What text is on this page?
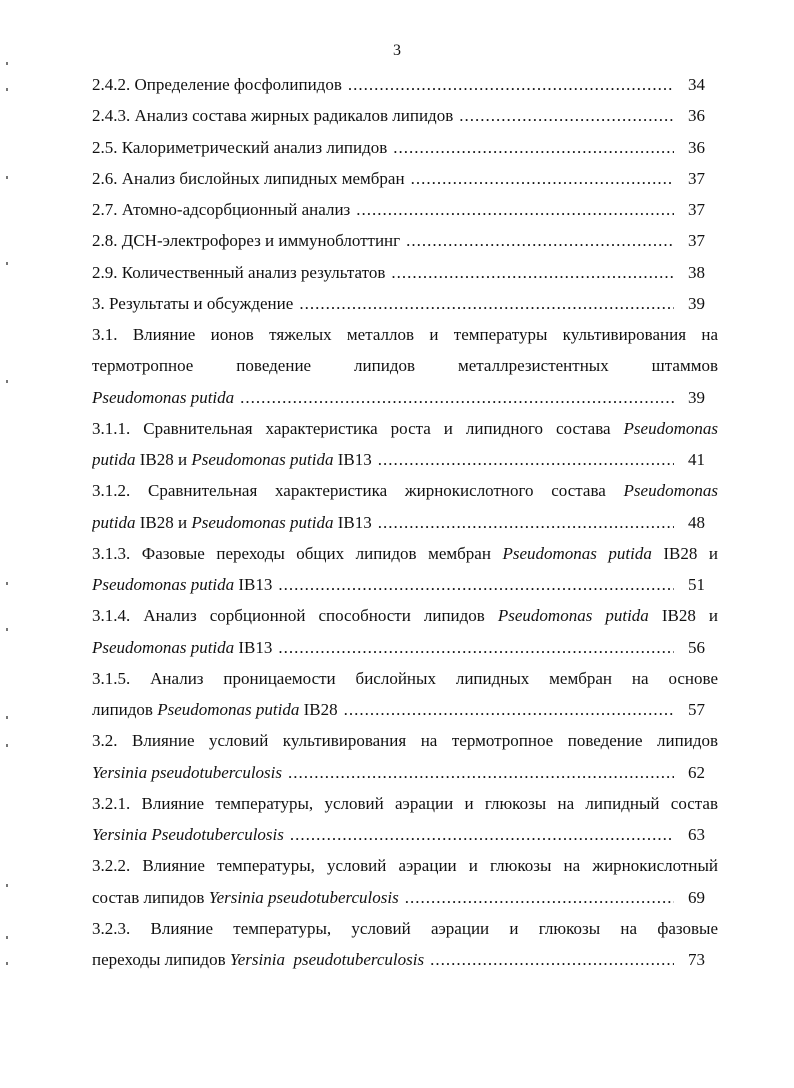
3
2.4.2. Определение фосфолипидов .....	34
2.4.3. Анализ состава жирных радикалов липидов .....	36
2.5. Калориметрический анализ липидов .....	36
2.6. Анализ бислойных липидных мембран .....	37
2.7. Атомно-адсорбционный анализ .....	37
2.8. ДСН-электрофорез и иммуноблоттинг .....	37
2.9. Количественный анализ результатов .....	38
3. Результаты и обсуждение .....	39
3.1. Влияние ионов тяжелых металлов и температуры культивирования на
термотропное поведение липидов металлрезистентных штаммов
Pseudomonas putida .....	39
3.1.1. Сравнительная характеристика роста и липидного состава Pseudomonas
putida IB28 и Pseudomonas putida IB13 .....	41
3.1.2. Сравнительная характеристика жирнокислотного состава Pseudomonas
putida IB28 и Pseudomonas putida IB13 .....	48
3.1.3. Фазовые переходы общих липидов мембран Pseudomonas putida IB28 и
Pseudomonas putida IB13 .....	51
3.1.4. Анализ сорбционной способности липидов Pseudomonas putida IB28 и
Pseudomonas putida IB13 .....	56
3.1.5. Анализ проницаемости бислойных липидных мембран на основе
липидов Pseudomonas putida IB28 .....	57
3.2. Влияние условий культивирования на термотропное поведение липидов
Yersinia pseudotuberculosis .....	62
3.2.1. Влияние температуры, условий аэрации и глюкозы на липидный состав
Yersinia Pseudotuberculosis .....	63
3.2.2. Влияние температуры, условий аэрации и глюкозы на жирнокислотный
состав липидов Yersinia pseudotuberculosis .....	69
3.2.3. Влияние температуры, условий аэрации и глюкозы на фазовые
переходы липидов Yersinia  pseudotuberculosis .....	73
